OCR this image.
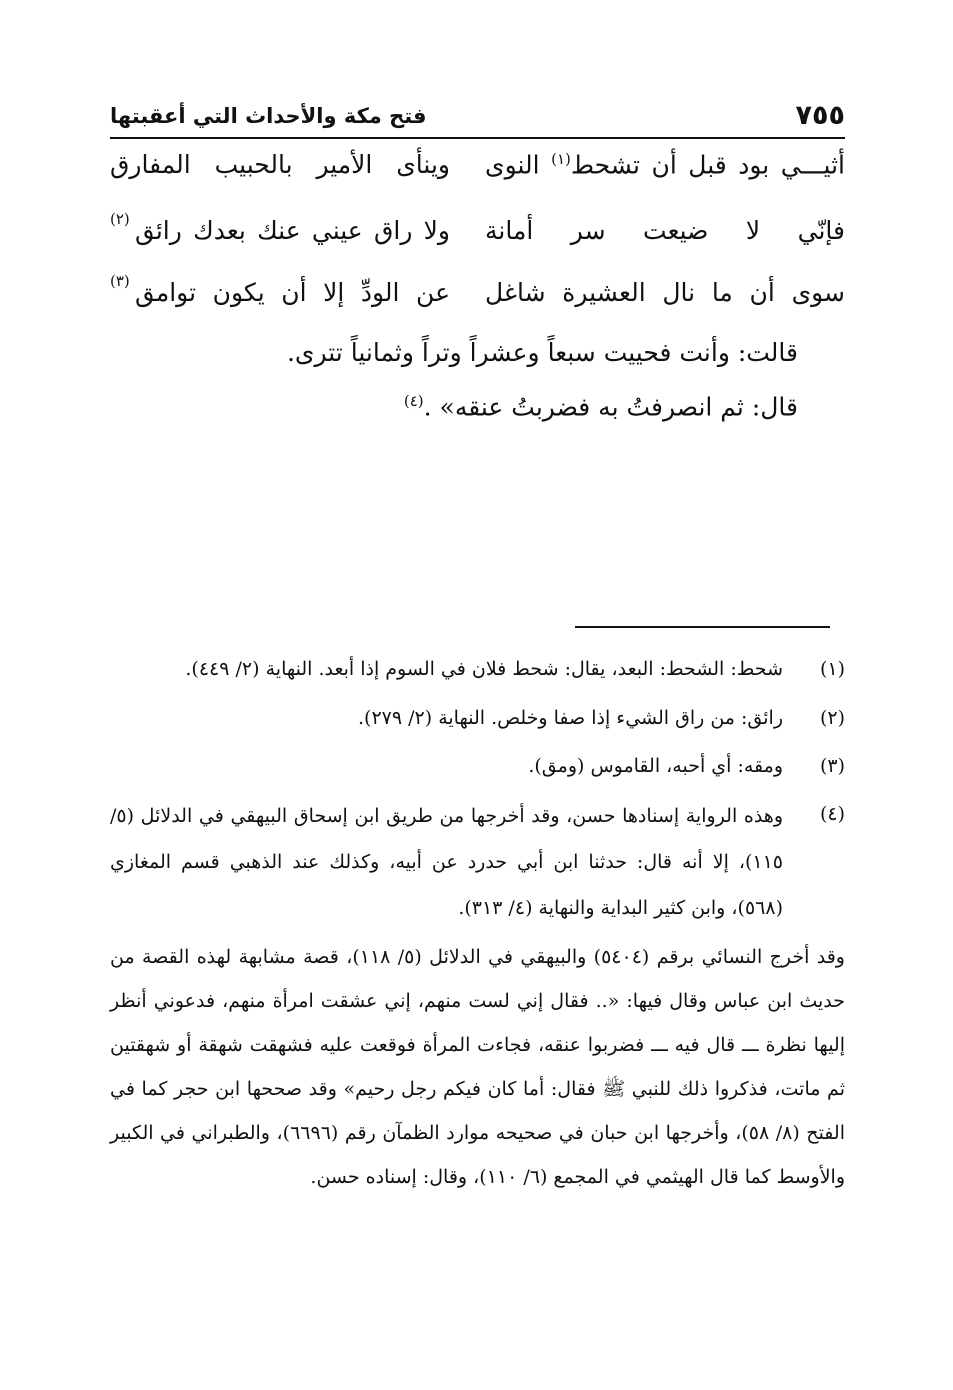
٧٥٥
فتح مكة والأحداث التي أعقبتها
أثيـــي بود قبل أن تشحط$^{(١)}$ النوى
وينأى الأمير بالحبيب المفارق
فإنّي لا ضيعت سر أمانة
ولا راق عيني عنك بعدك رائق
(٢)
سوى أن ما نال العشيرة شاغل
عن الودِّ إلا أن يكون توامق
(٣)
قالت: وأنت فحييت سبعاً وعشراً وتراً وثمانياً تترى.
قال: ثم انصرفتُ به فضربتُ عنقه» .$^{(٤)}$
(١)
شحط: الشحط: البعد، يقال: شحط فلان في السوم إذا أبعد. النهاية (٢/ ٤٤٩).
(٢)
رائق: من راق الشيء إذا صفا وخلص. النهاية (٢/ ٢٧٩).
(٣)
ومقه: أي أحبه، القاموس (ومق).
(٤)
وهذه الرواية إسنادها حسن، وقد أخرجها من طريق ابن إسحاق البيهقي في الدلائل (٥/ ١١٥)، إلا أنه قال: حدثنا ابن أبي حدرد عن أبيه، وكذلك عند الذهبي قسم المغازي (٥٦٨)، وابن كثير البداية والنهاية (٤/ ٣١٣).
وقد أخرج النسائي برقم (٥٤٠٤) والبيهقي في الدلائل (٥/ ١١٨)، قصة مشابهة لهذه القصة من حديث ابن عباس وقال فيها: «.. فقال إني لست منهم، إني عشقت امرأة منهم، فدعوني أنظر إليها نظرة ـــ قال فيه ـــ فضربوا عنقه، فجاءت المرأة فوقعت عليه فشهقت شهقة أو شهقتين ثم ماتت، فذكروا ذلك للنبي ﷺ فقال: أما كان فيكم رجل رحيم» وقد صححها ابن حجر كما في الفتح (٨/ ٥٨)، وأخرجها ابن حبان في صحيحه موارد الظمآن رقم (٦٦٩٦)، والطبراني في الكبير والأوسط كما قال الهيثمي في المجمع (٦/ ١١٠)، وقال: إسناده حسن.
